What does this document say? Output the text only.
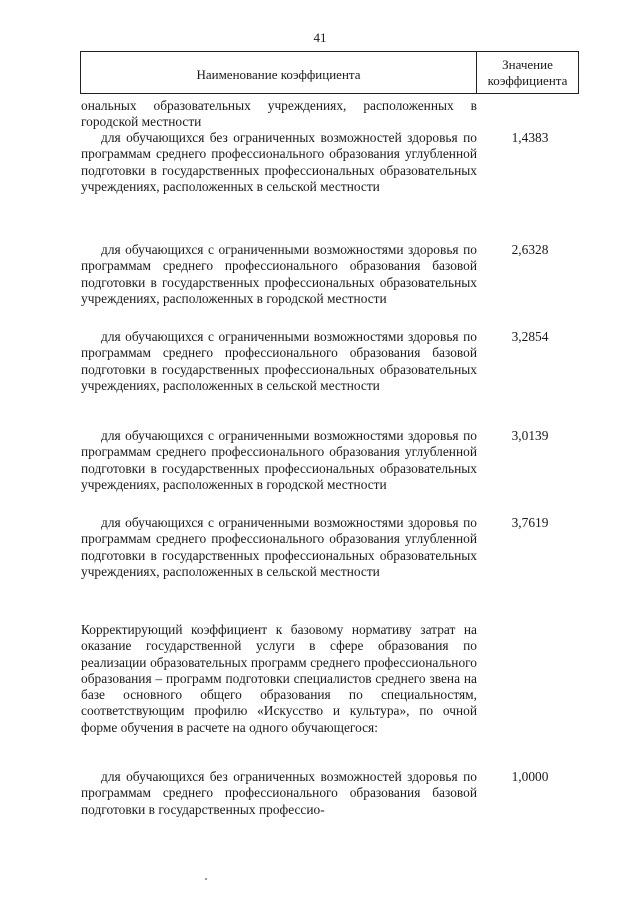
41
Наименование коэффициента
Значение
коэффициента
ональных образовательных учреждениях, расположенных в городской местности
для обучающихся без ограниченных возможностей здоровья по программам среднего профессионального образования углубленной подготовки в государственных профессиональных образовательных учреждениях, расположенных в сельской местности
1,4383
для обучающихся с ограниченными возможностями здоровья по программам среднего профессионального образования базовой подготовки в государственных профессиональных образовательных учреждениях, расположенных в городской местности
2,6328
для обучающихся с ограниченными возможностями здоровья по программам среднего профессионального образования базовой подготовки в государственных профессиональных образовательных учреждениях, расположенных в сельской местности
3,2854
для обучающихся с ограниченными возможностями здоровья по программам среднего профессионального образования углубленной подготовки в государственных профессиональных образовательных учреждениях, расположенных в городской местности
3,0139
для обучающихся с ограниченными возможностями здоровья по программам среднего профессионального образования углубленной подготовки в государственных профессиональных образовательных учреждениях, расположенных в сельской местности
3,7619
Корректирующий коэффициент к базовому нормативу затрат на оказание государственной услуги в сфере образования по реализации образовательных программ среднего профессионального образования – программ подготовки специалистов среднего звена на базе основного общего образования по специальностям, соответствующим профилю «Искусство и культура», по очной форме обучения в расчете на одного обучающегося:
для обучающихся без ограниченных возможностей здоровья по программам среднего профессионального образования базовой подготовки в государственных профессио-
1,0000
